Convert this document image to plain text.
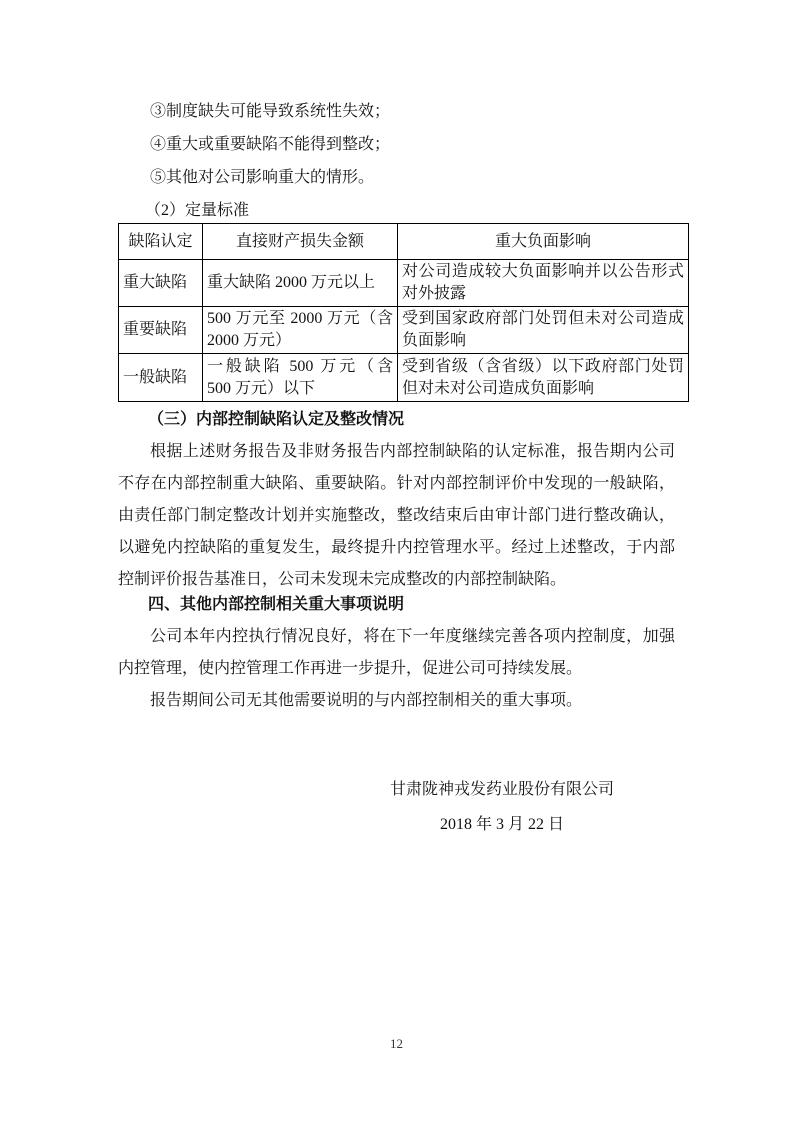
③制度缺失可能导致系统性失效；

④重大或重要缺陷不能得到整改；

⑤其他对公司影响重大的情形。

（2）定量标准

缺陷认定	直接财产损失金额	重大负面影响
重大缺陷	重大缺陷 2000 万元以上	对公司造成较大负面影响并以公告形式对外披露
重要缺陷	500 万元至 2000 万元（含 2000 万元）	受到国家政府部门处罚但未对公司造成负面影响
一般缺陷	一般缺陷 500 万元（含 500 万元）以下	受到省级（含省级）以下政府部门处罚但对未对公司造成负面影响

（三）内部控制缺陷认定及整改情况

根据上述财务报告及非财务报告内部控制缺陷的认定标准，报告期内公司不存在内部控制重大缺陷、重要缺陷。针对内部控制评价中发现的一般缺陷，由责任部门制定整改计划并实施整改，整改结束后由审计部门进行整改确认，以避免内控缺陷的重复发生，最终提升内控管理水平。经过上述整改，于内部控制评价报告基准日，公司未发现未完成整改的内部控制缺陷。

四、其他内部控制相关重大事项说明

公司本年内控执行情况良好，将在下一年度继续完善各项内控制度，加强内控管理，使内控管理工作再进一步提升，促进公司可持续发展。

报告期间公司无其他需要说明的与内部控制相关的重大事项。

甘肃陇神戎发药业股份有限公司

2018 年 3 月 22 日

12
